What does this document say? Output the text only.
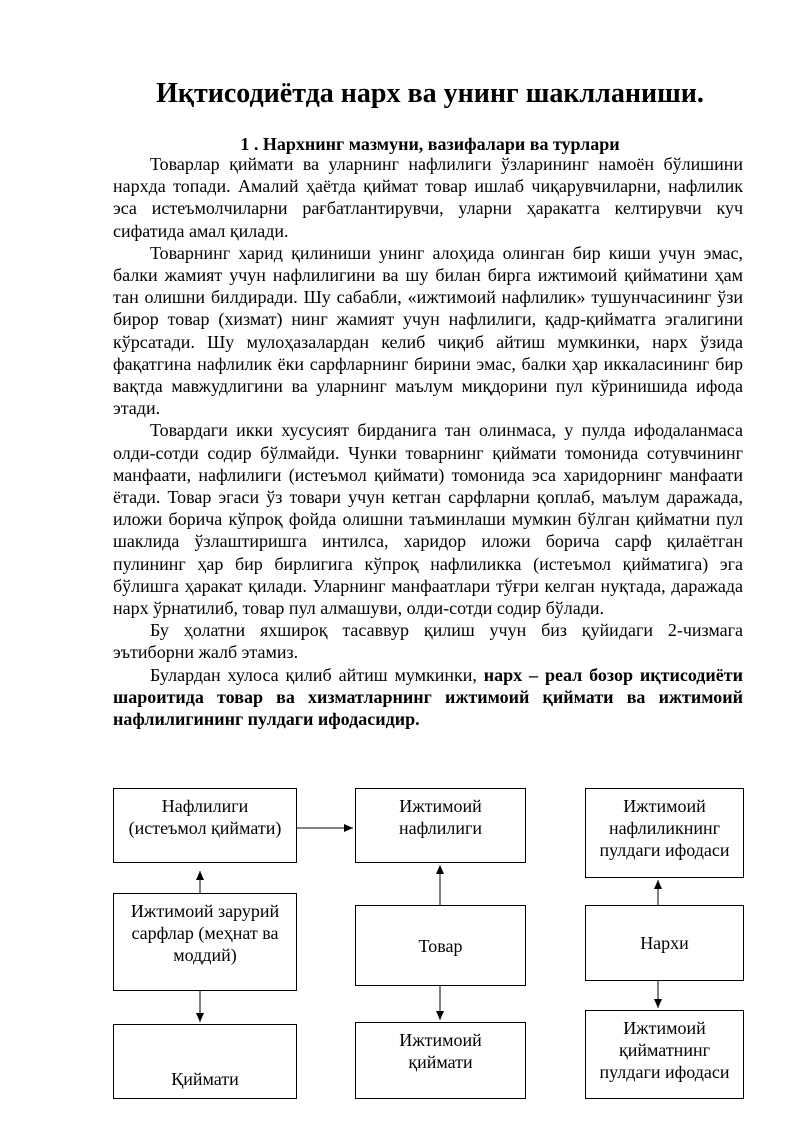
Иқтисодиётда нарх ва унинг шаклланиши.
1 . Нархнинг мазмуни, вазифалари ва турлари

Товарлар қиймати ва уларнинг нафлилиги ўзларининг намоён бўлишини нархда топади. Амалий ҳаётда қиймат товар ишлаб чиқарувчиларни, нафлилик эса истеъмолчиларни рағбатлантирувчи, уларни ҳаракатга келтирувчи куч сифатида амал қилади.

Товарнинг харид қилиниши унинг алоҳида олинган бир киши учун эмас, балки жамият учун нафлилигини ва шу билан бирга ижтимоий қийматини ҳам тан олишни билдиради. Шу сабабли, «ижтимоий нафлилик» тушунчасининг ўзи бирор товар (хизмат) нинг жамият учун нафлилиги, қадр-қийматга эгалигини кўрсатади. Шу мулоҳазалардан келиб чиқиб айтиш мумкинки, нарх ўзида фақатгина нафлилик ёки сарфларнинг бирини эмас, балки ҳар иккаласининг бир вақтда мавжудлигини ва уларнинг маълум миқдорини пул кўринишида ифода этади.

Товардаги икки хусусият бирданига тан олинмаса, у пулда ифодаланмаса олди-сотди содир бўлмайди. Чунки товарнинг қиймати томонида сотувчининг манфаати, нафлилиги (истеъмол қиймати) томонида эса харидорнинг манфаати ётади. Товар эгаси ўз товари учун кетган сарфларни қоплаб, маълум даражада, иложи борича кўпроқ фойда олишни таъминлаши мумкин бўлган қийматни пул шаклида ўзлаштиришга интилса, харидор иложи борича сарф қилаётган пулининг ҳар бир бирлигига кўпроқ нафлиликка (истеъмол қийматига) эга бўлишга ҳаракат қилади. Уларнинг манфаатлари тўғри келган нуқтада, даражада нарх ўрнатилиб, товар пул алмашуви, олди-сотди содир бўлади.

Бу ҳолатни яхшироқ тасаввур қилиш учун биз қуйидаги 2-чизмага эътиборни жалб этамиз.

Булардан хулоса қилиб айтиш мумкинки, нарх – реал бозор иқтисодиёти шароитида товар ва хизматларнинг ижтимоий қиймати ва ижтимоий нафлилигининг пулдаги ифодасидир.

Нафлилиги
(истеъмол қиймати)
Ижтимоий
нафлилиги
Ижтимоий
нафлиликнинг
пулдаги ифодаси
Ижтимоий зарурий
сарфлар (меҳнат ва
моддий)	Товар	Нархи
Қиймати
Ижтимоий
қиймати
Ижтимоий
қийматнинг
пулдаги ифодаси
